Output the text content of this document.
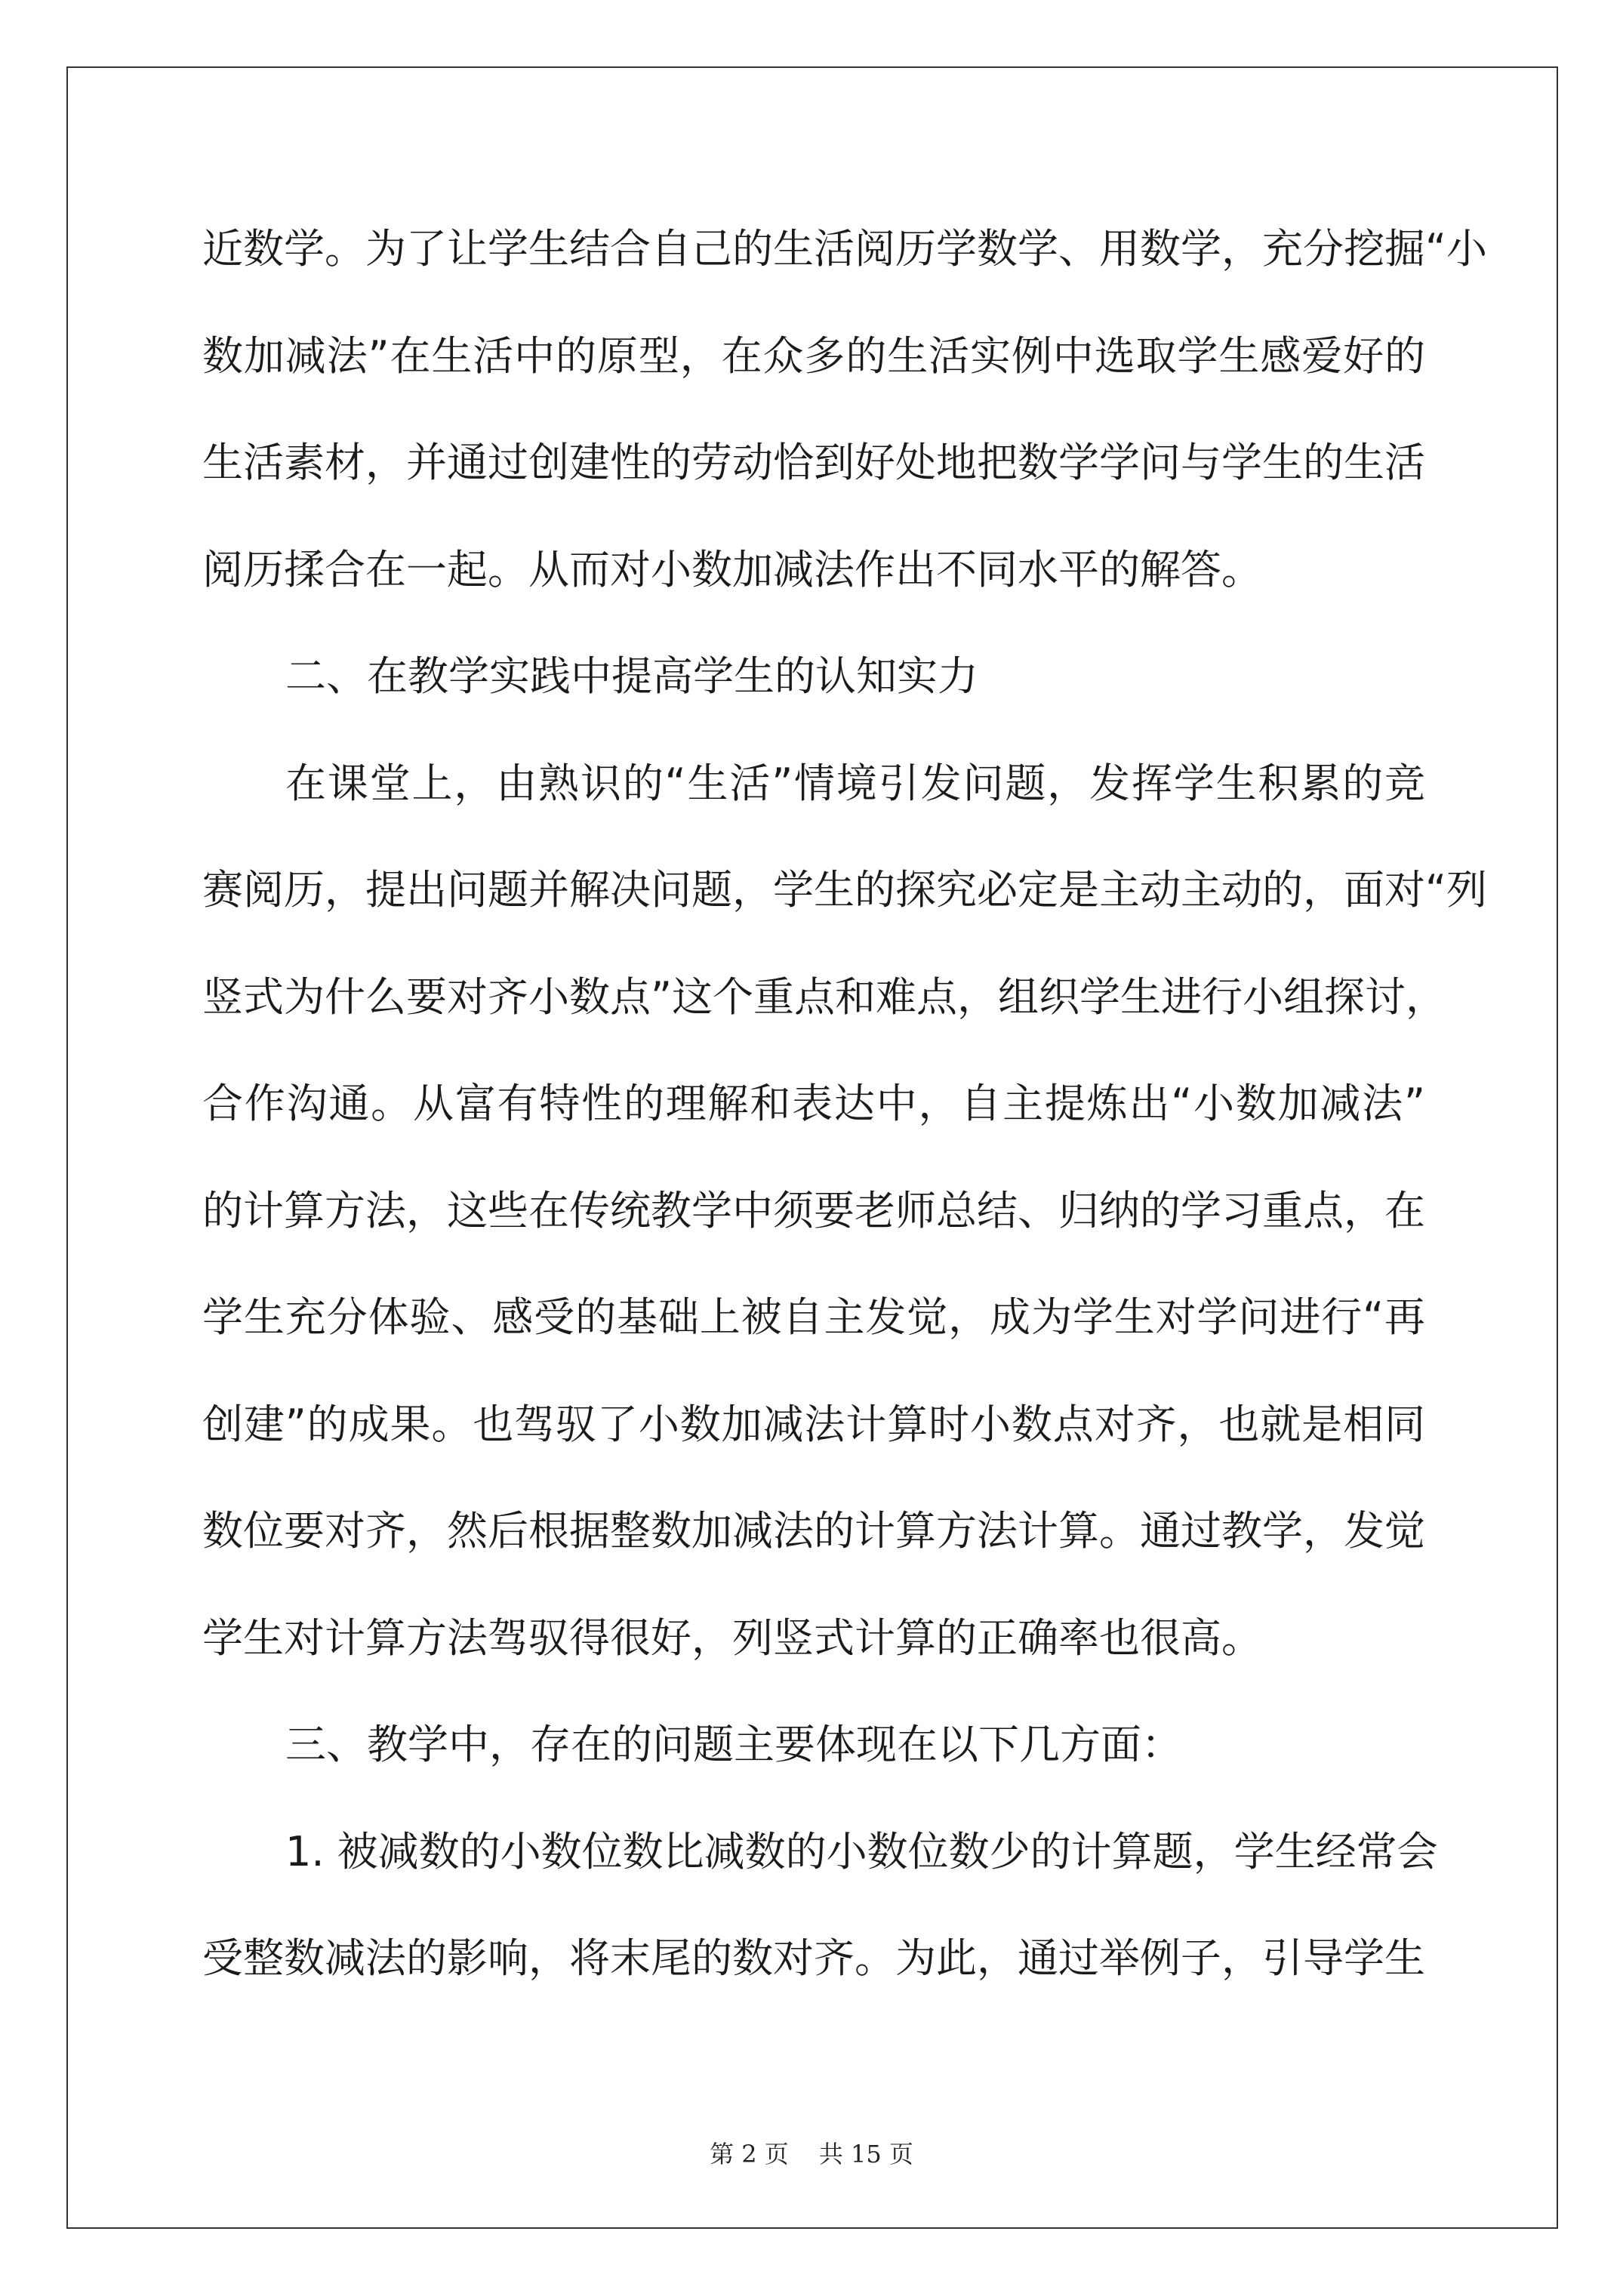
近数学。为了让学生结合自己的生活阅历学数学、用数学，充分挖掘“小
数加减法”在生活中的原型，在众多的生活实例中选取学生感爱好的
生活素材，并通过创建性的劳动恰到好处地把数学学问与学生的生活
阅历揉合在一起。从而对小数加减法作出不同水平的解答。
二、在教学实践中提高学生的认知实力
在课堂上，由熟识的“生活”情境引发问题，发挥学生积累的竞
赛阅历，提出问题并解决问题，学生的探究必定是主动主动的，面对“列
竖式为什么要对齐小数点”这个重点和难点，组织学生进行小组探讨，
合作沟通。从富有特性的理解和表达中，自主提炼出“小数加减法”
的计算方法，这些在传统教学中须要老师总结、归纳的学习重点，在
学生充分体验、感受的基础上被自主发觉，成为学生对学问进行“再
创建”的成果。也驾驭了小数加减法计算时小数点对齐，也就是相同
数位要对齐，然后根据整数加减法的计算方法计算。通过教学，发觉
学生对计算方法驾驭得很好，列竖式计算的正确率也很高。
三、教学中，存在的问题主要体现在以下几方面：
1. 被减数的小数位数比减数的小数位数少的计算题，学生经常会
受整数减法的影响，将末尾的数对齐。为此，通过举例子，引导学生
第 2 页 共 15 页
